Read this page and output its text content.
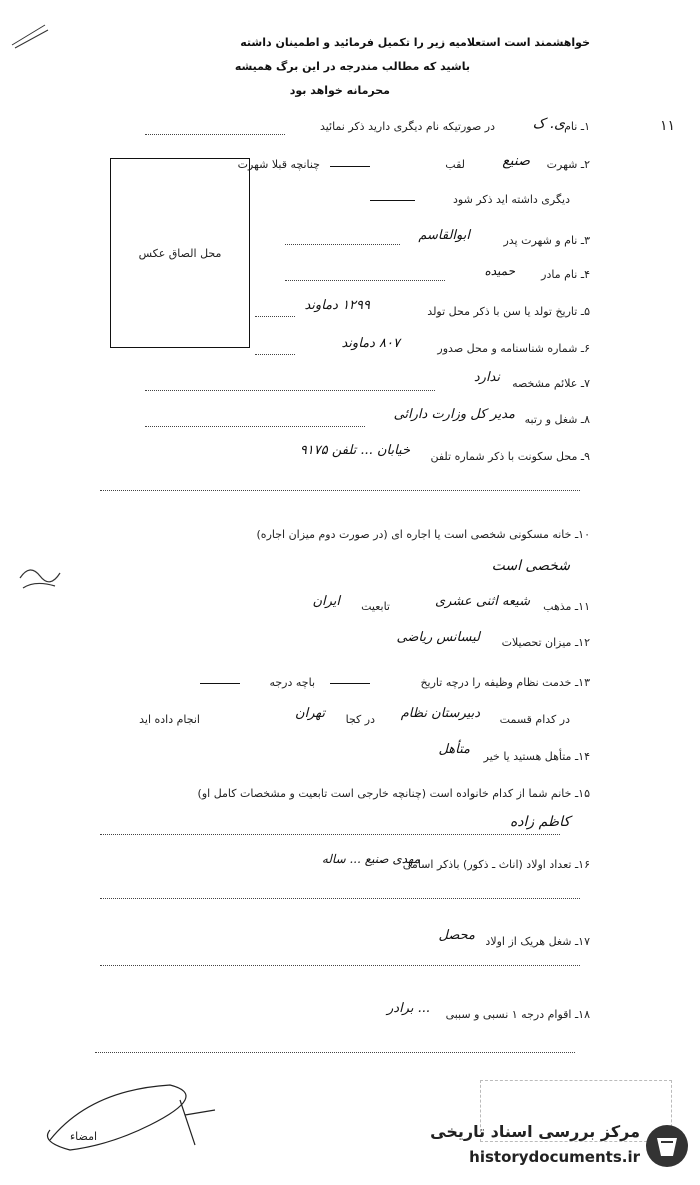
خواهشمند است استعلامیه زیر را تکمیل فرمائید و اطمینان داشته
باشید که مطالب مندرجه در این برگ همیشه
محرمانه خواهد بود
۱۱
محل الصاق عکس
۱ـ نام
ی. ک
در صورتیکه نام دیگری دارید ذکر نمائید
۲ـ شهرت
صنیع
لقب
چنانچه قبلا شهرت
دیگری داشته اید ذکر شود
۳ـ نام و شهرت پدر
ابوالقاسم
۴ـ نام مادر
حمیده
۵ـ تاریخ تولد یا سن با ذکر محل تولد
۱۲۹۹ دماوند
۶ـ شماره شناسنامه و محل صدور
۸۰۷ دماوند
۷ـ علائم مشخصه
ندارد
۸ـ شغل و رتبه
مدیر کل وزارت دارائی
۹ـ محل سکونت با ذکر شماره تلفن
خیابان ... تلفن ۹۱۷۵
۱۰ـ خانه مسکونی شخصی است یا اجاره ای (در صورت دوم میزان اجاره)
شخصی است
۱۱ـ مذهب
شیعه اثنی عشری
تابعیت
ایران
۱۲ـ میزان تحصیلات
لیسانس ریاضی
۱۳ـ خدمت نظام وظیفه را درچه تاریخ
باچه درجه
در کدام قسمت
دبیرستان نظام
در کجا
تهران
انجام داده اید
۱۴ـ متأهل هستید یا خیر
متأهل
۱۵ـ خانم شما از کدام خانواده است (چنانچه خارجی است تابعیت و مشخصات کامل او)
کاظم زاده
۱۶ـ تعداد اولاد (اناث ـ ذکور) باذکر اسامی
مهدی صنیع ... ساله
۱۷ـ شغل هریک از اولاد
محصل
۱۸ـ اقوام درجه ۱ نسبی و سببی
... برادر
امضاء	مرکز بررسی اسناد تاریخی
historydocuments.ir
